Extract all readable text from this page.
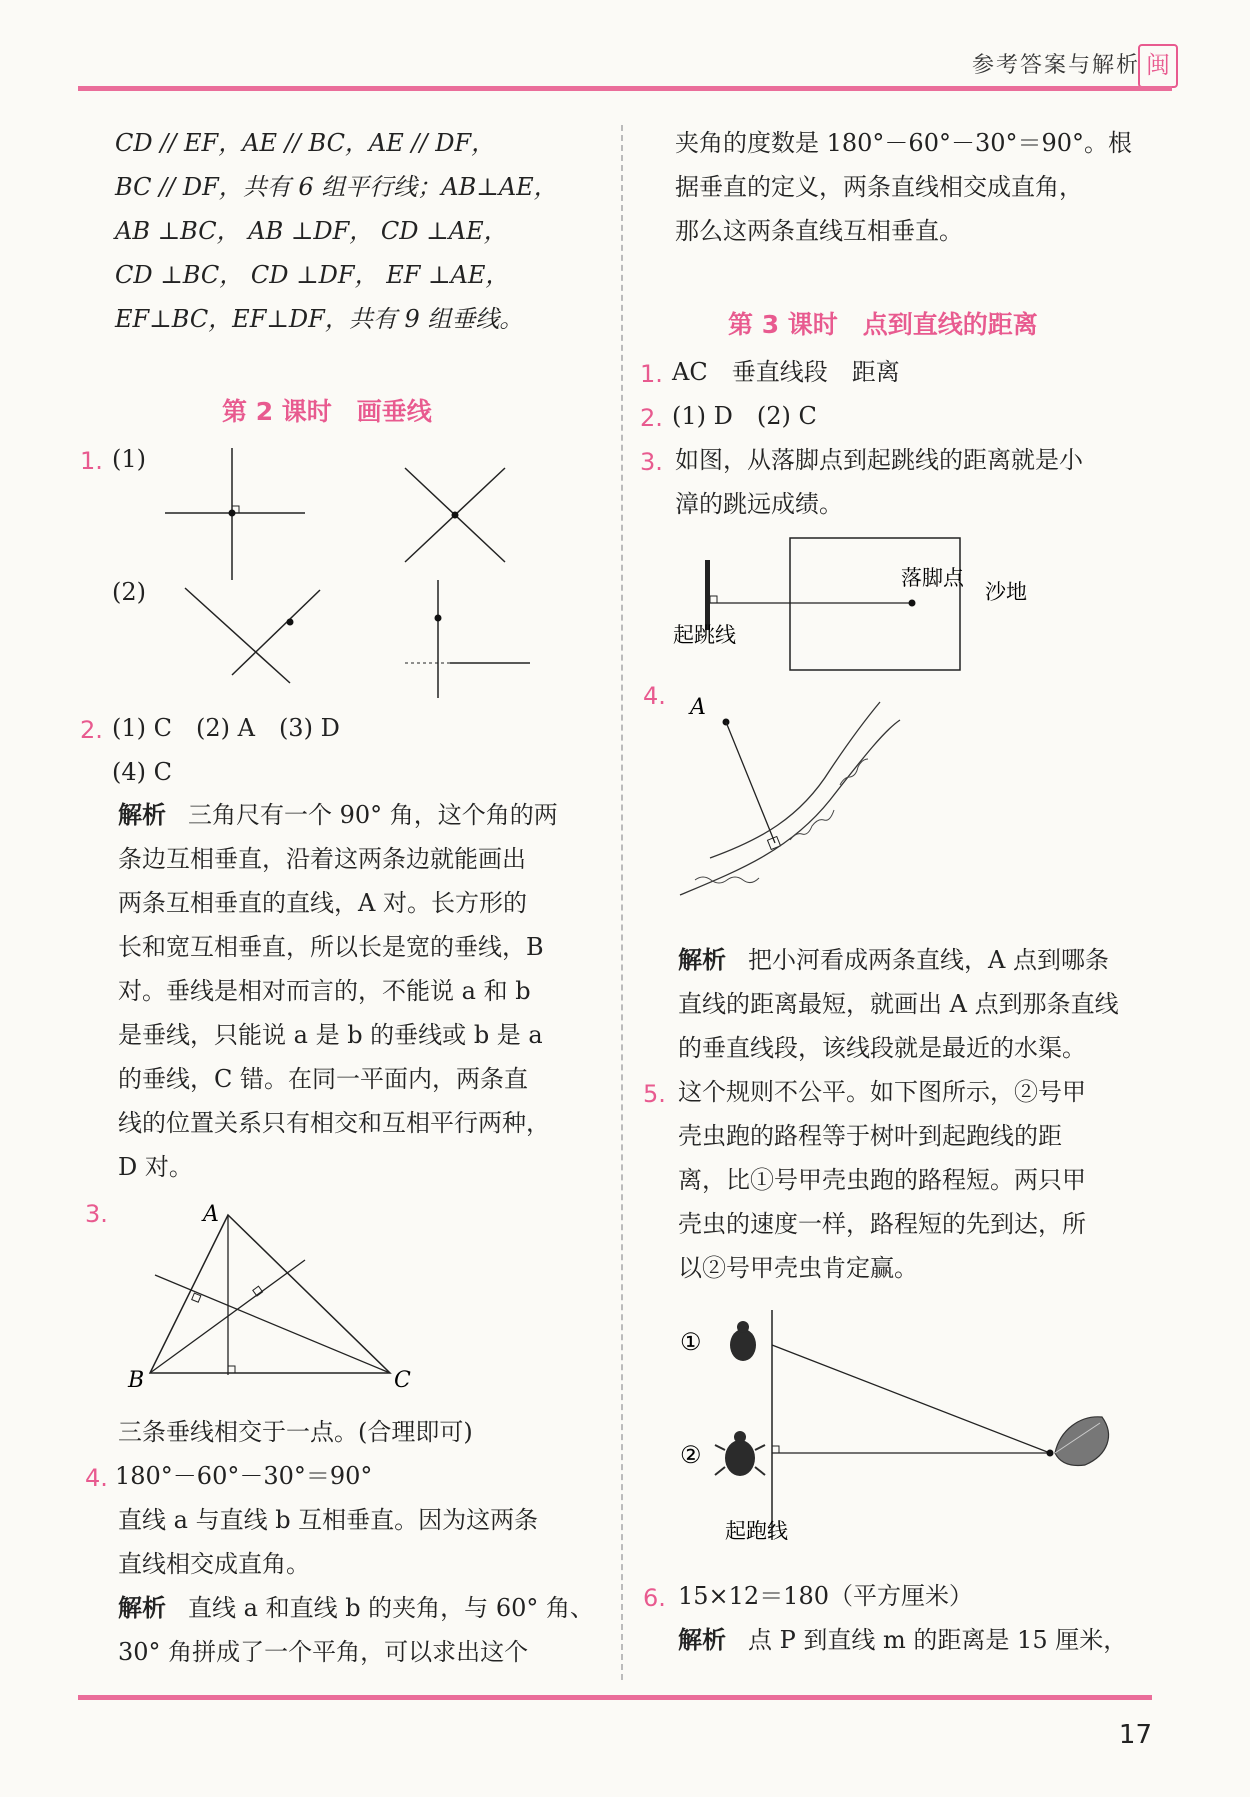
参考答案与解析 闽
CD // EF，AE // BC，AE // DF，
BC // DF，共有 6 组平行线；AB⊥AE，
AB ⊥BC， AB ⊥DF， CD ⊥AE，
CD ⊥BC， CD ⊥DF， EF ⊥AE，
EF⊥BC，EF⊥DF，共有 9 组垂线。
第 2 课时　画垂线
1. (1)
(2)
2. (1) C　(2) A　(3) D
(4) C
解析 三角尺有一个 90° 角，这个角的两
条边互相垂直，沿着这两条边就能画出
两条互相垂直的直线，A 对。长方形的
长和宽互相垂直，所以长是宽的垂线，B
对。垂线是相对而言的，不能说 a 和 b
是垂线，只能说 a 是 b 的垂线或 b 是 a
的垂线，C 错。在同一平面内，两条直
线的位置关系只有相交和互相平行两种，
D 对。
3.	A
B	C
三条垂线相交于一点。(合理即可)
4. 180°－60°－30°＝90°
直线 a 与直线 b 互相垂直。因为这两条
直线相交成直角。
解析 直线 a 和直线 b 的夹角，与 60° 角、
30° 角拼成了一个平角，可以求出这个
夹角的度数是 180°－60°－30°＝90°。根
据垂直的定义，两条直线相交成直角，
那么这两条直线互相垂直。
第 3 课时　点到直线的距离
1. AC　垂直线段　距离
2. (1) D　(2) C
3. 如图，从落脚点到起跳线的距离就是小
漳的跳远成绩。
落脚点
沙地
起跳线
4. A
解析 把小河看成两条直线，A 点到哪条
直线的距离最短，就画出 A 点到那条直线
的垂直线段，该线段就是最近的水渠。
5. 这个规则不公平。如下图所示，②号甲
壳虫跑的路程等于树叶到起跑线的距
离，比①号甲壳虫跑的路程短。两只甲
壳虫的速度一样，路程短的先到达，所
以②号甲壳虫肯定赢。
①
②
起跑线
6. 15×12＝180（平方厘米）
解析 点 P 到直线 m 的距离是 15 厘米，
17
